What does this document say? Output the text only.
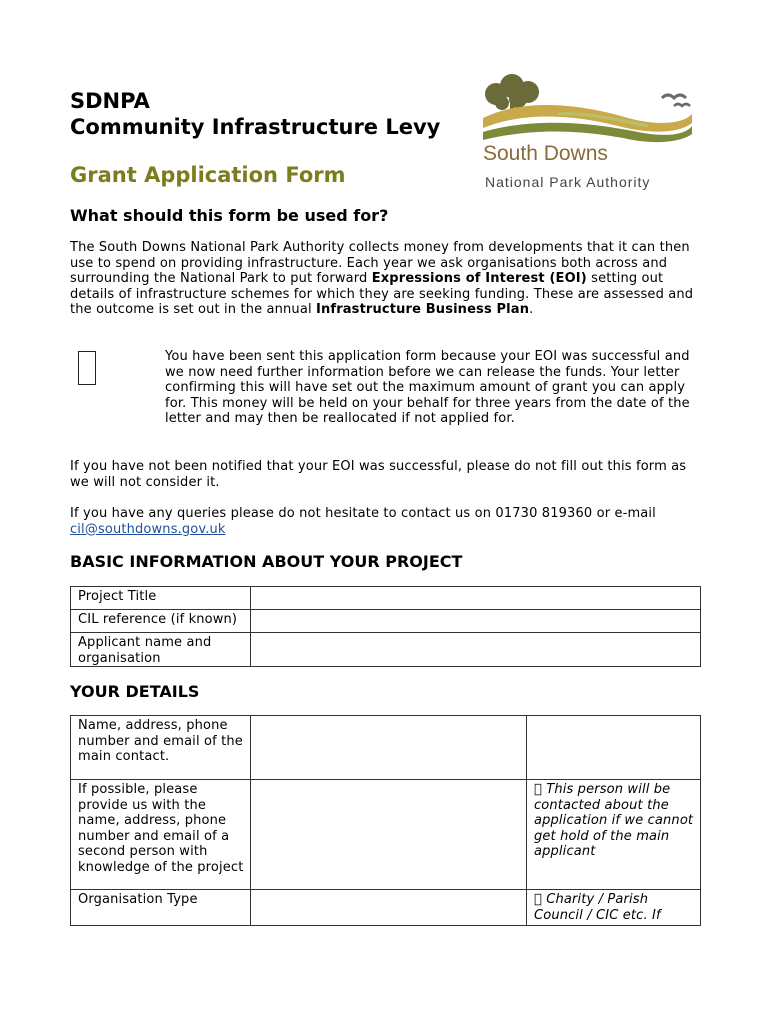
SDNPA
Community Infrastructure Levy
Grant Application Form
What should this form be used for?
The South Downs National Park Authority collects money from developments that it can then use to spend on providing infrastructure. Each year we ask organisations both across and surrounding the National Park to put forward Expressions of Interest (EOI) setting out details of infrastructure schemes for which they are seeking funding. These are assessed and the outcome is set out in the annual Infrastructure Business Plan.
You have been sent this application form because your EOI was successful and we now need further information before we can release the funds. Your letter confirming this will have set out the maximum amount of grant you can apply for. This money will be held on your behalf for three years from the date of the letter and may then be reallocated if not applied for.
If you have not been notified that your EOI was successful, please do not fill out this form as we will not consider it.
If you have any queries please do not hesitate to contact us on 01730 819360 or e-mail cil@southdowns.gov.uk
BASIC INFORMATION ABOUT YOUR PROJECT
Project Title	
CIL reference (if known)	
Applicant name and organisation	
YOUR DETAILS
Name, address, phone number and email of the main contact.		
If possible, please provide us with the name, address, phone number and email of a second person with knowledge of the project		  This person will be contacted about the application if we cannot get hold of the main applicant
Organisation Type		  Charity / Parish Council / CIC etc. If
South Downs
National Park Authority
